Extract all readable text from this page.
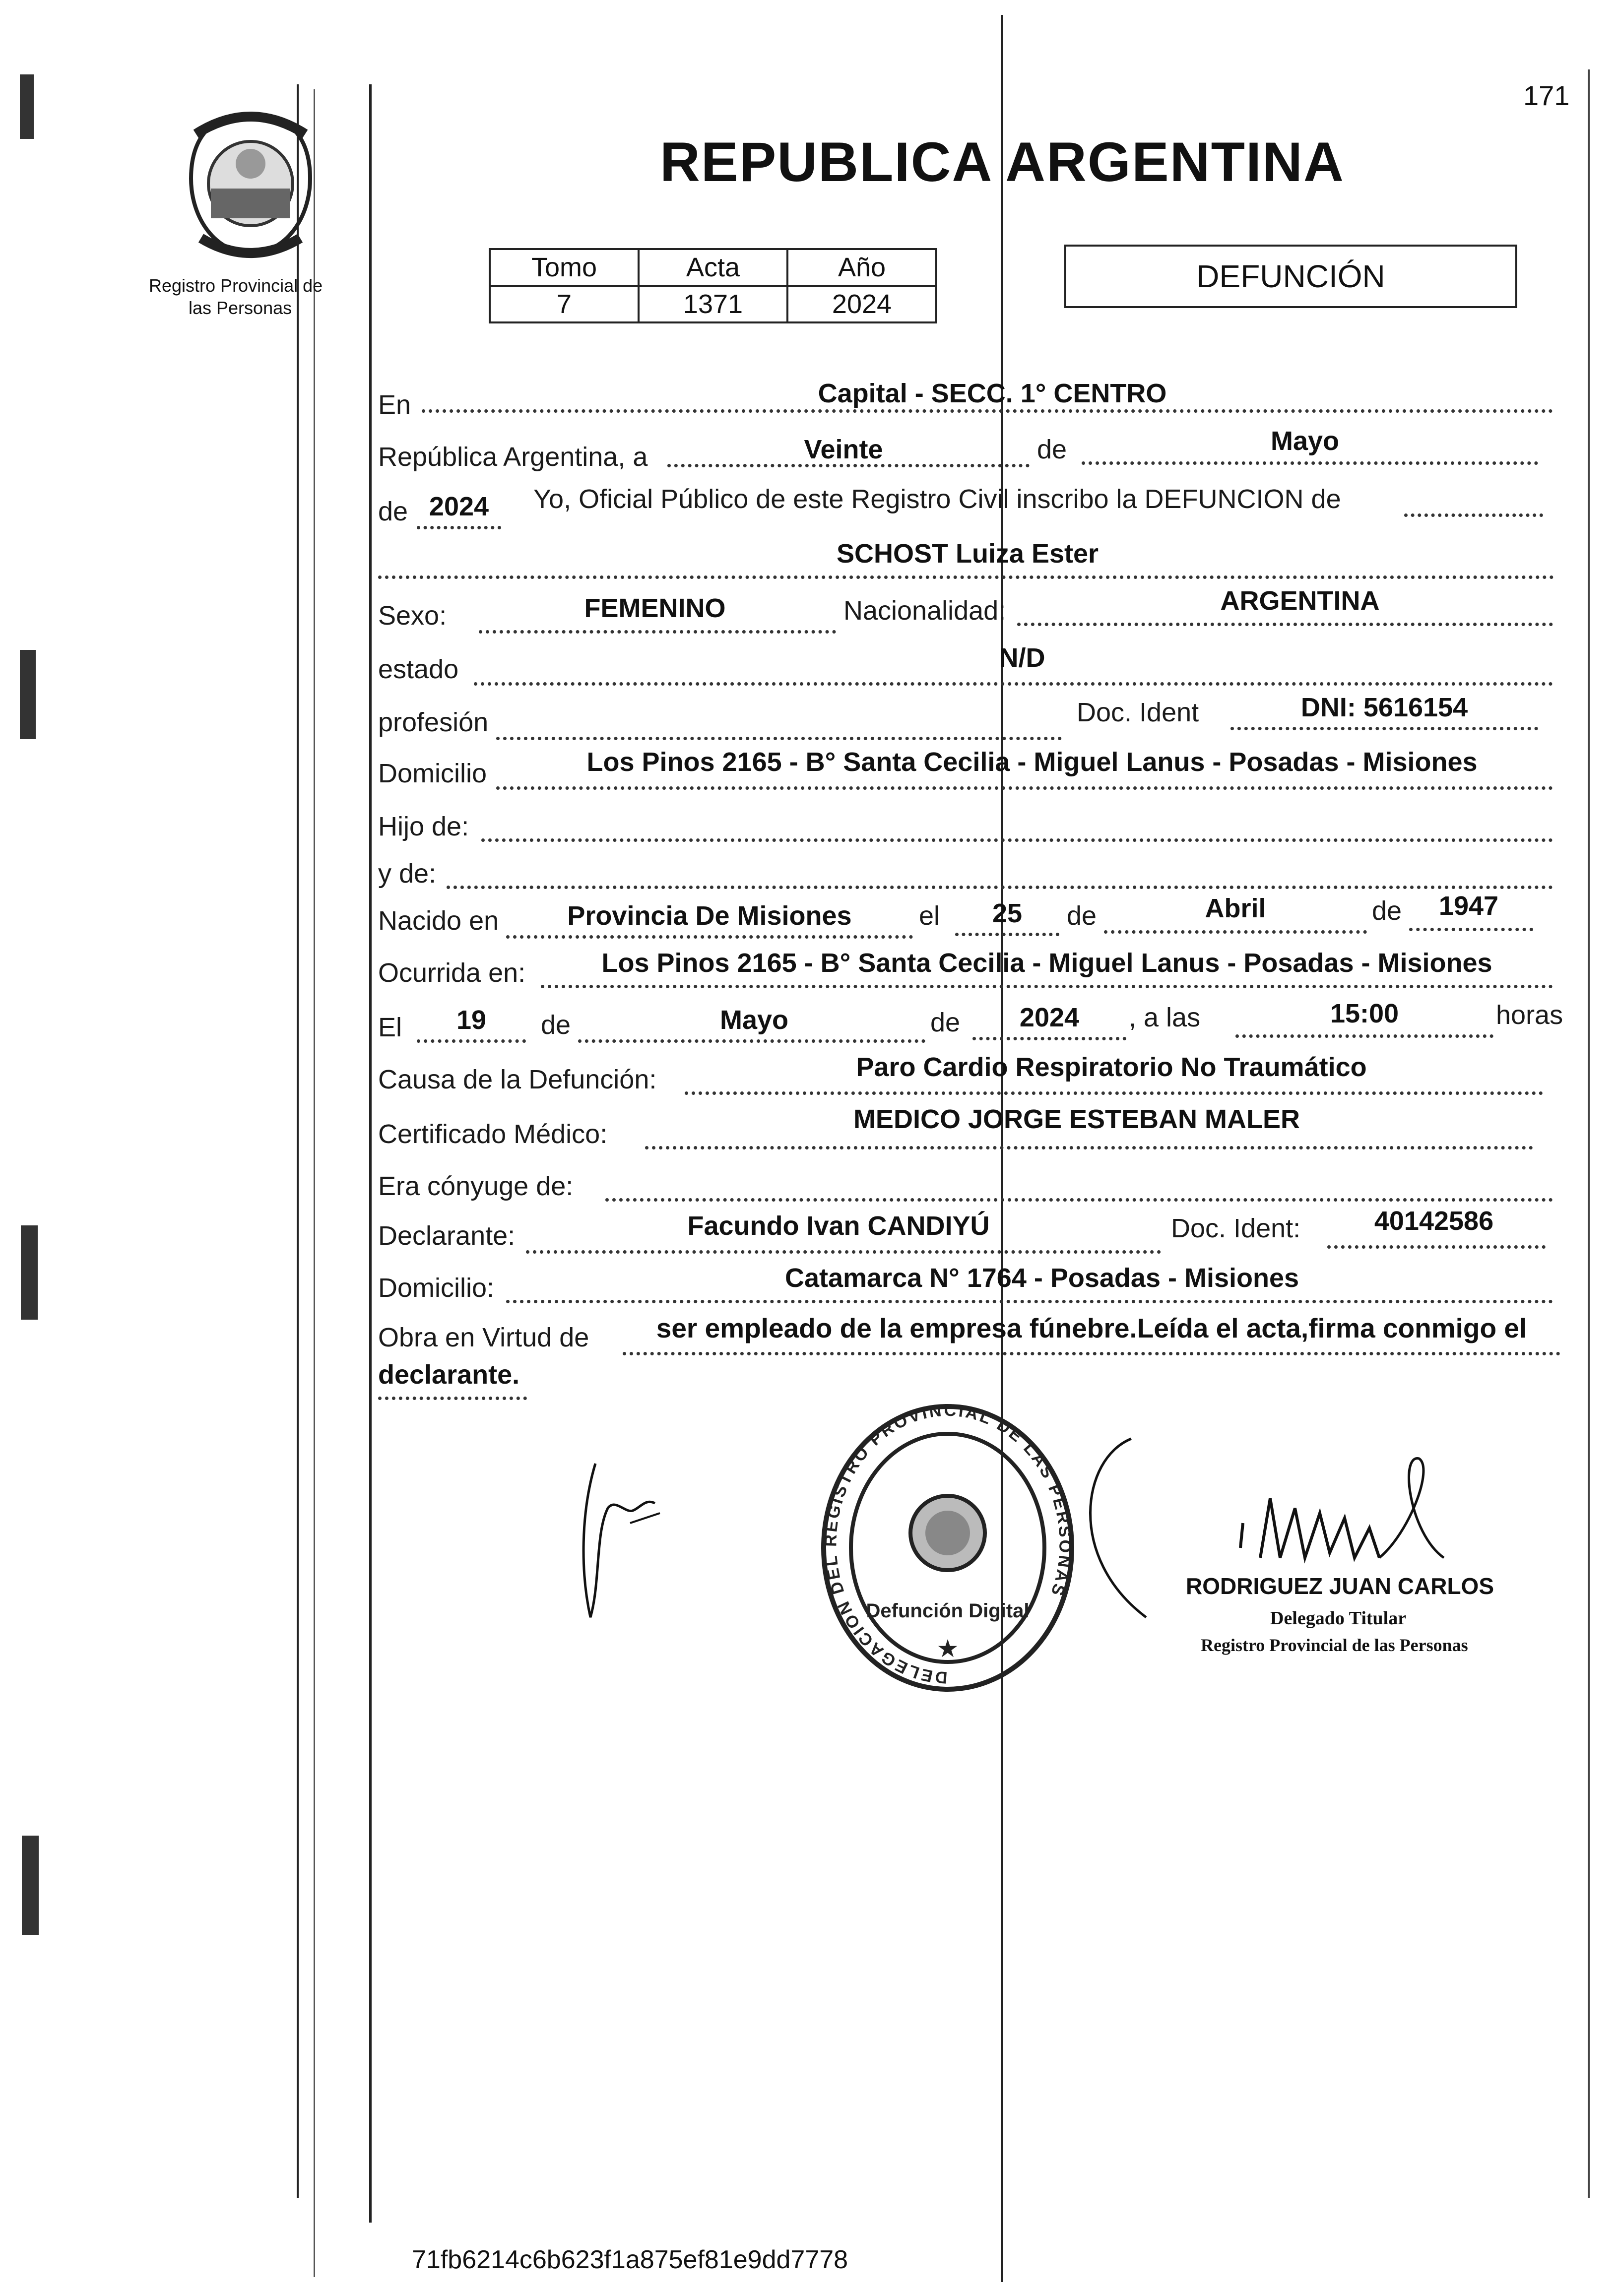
171
Registro Provincial de
las Personas
REPUBLICA ARGENTINA
Tomo	Acta	Año
7	1371	2024
DEFUNCIÓN
En	Capital - SECC. 1° CENTRO
República Argentina, a	Veinte	de	Mayo
de 2024	Yo, Oficial Público de este Registro Civil inscribo la DEFUNCION de
SCHOST Luiza Ester
Sexo:	FEMENINO	Nacionalidad:	ARGENTINA
estado	N/D
profesión	Doc. Ident	DNI: 5616154
Domicilio	Los Pinos 2165 - B° Santa Cecilia - Miguel Lanus - Posadas - Misiones
Hijo de:
y de:
Nacido en	Provincia De Misiones	el	25	de	Abril	de	1947
Ocurrida en:	Los Pinos 2165 - B° Santa Cecilia - Miguel Lanus - Posadas - Misiones
El	19	de	Mayo	de	2024	, a las	15:00	horas
Causa de la Defunción:	Paro Cardio Respiratorio No Traumático
Certificado Médico:	MEDICO JORGE ESTEBAN MALER
Era cónyuge de:
Declarante:	Facundo Ivan CANDIYÚ	Doc. Ident:	40142586
Domicilio:	Catamarca N° 1764 - Posadas - Misiones
Obra en Virtud de	ser empleado de la empresa fúnebre.Leída el acta,firma conmigo el
declarante.
DELEGACION DEL REGISTRO PROVINCIAL DE LAS PERSONAS
Defunción Digital
★
RODRIGUEZ JUAN CARLOS
Delegado Titular
Registro Provincial de las Personas
71fb6214c6b623f1a875ef81e9dd7778
